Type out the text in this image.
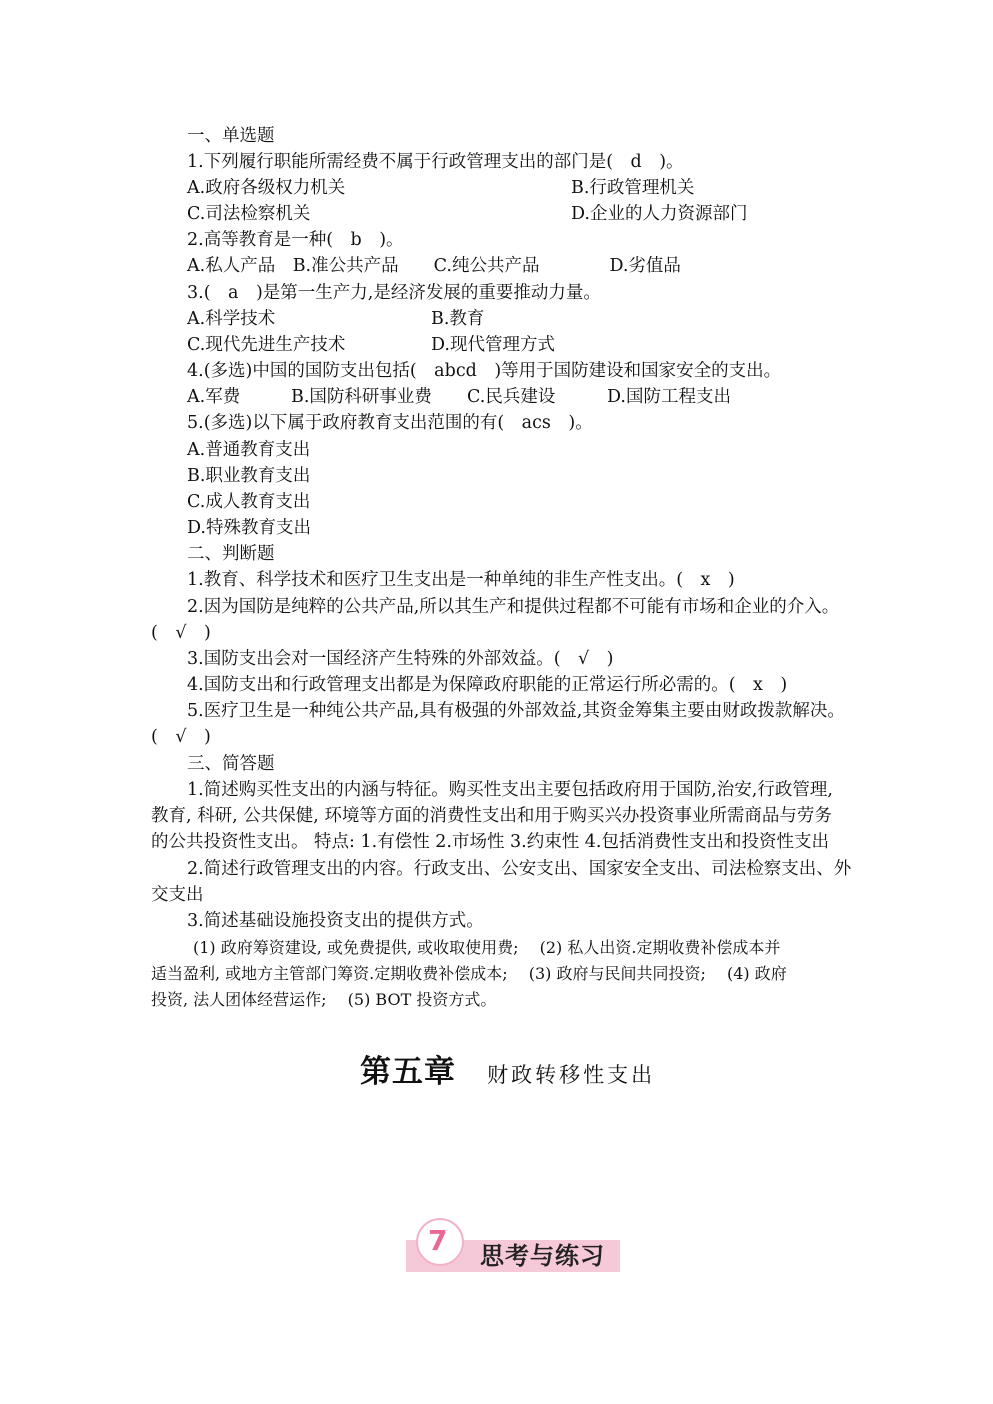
一、单选题
1.下列履行职能所需经费不属于行政管理支出的部门是(　d　)。
A.政府各级权力机关	B.行政管理机关
C.司法检察机关	D.企业的人力资源部门
2.高等教育是一种(　b　)。
A.私人产品　B.准公共产品　　C.纯公共产品　　　　D.劣值品
3.(　a　)是第一生产力,是经济发展的重要推动力量。
A.科学技术	B.教育
C.现代先进生产技术	D.现代管理方式
4.(多选)中国的国防支出包括(　abcd　)等用于国防建设和国家安全的支出。
A.军费	B.国防科研事业费 C.民兵建设	D.国防工程支出
5.(多选)以下属于政府教育支出范围的有(　acs　)。
A.普通教育支出
B.职业教育支出
C.成人教育支出
D.特殊教育支出
二、判断题
1.教育、科学技术和医疗卫生支出是一种单纯的非生产性支出。(　x　)
2.因为国防是纯粹的公共产品,所以其生产和提供过程都不可能有市场和企业的介入。
(　√　)
3.国防支出会对一国经济产生特殊的外部效益。(　√　)
4.国防支出和行政管理支出都是为保障政府职能的正常运行所必需的。(　x　)
5.医疗卫生是一种纯公共产品,具有极强的外部效益,其资金筹集主要由财政拨款解决。
(　√　)
三、简答题
1.简述购买性支出的内涵与特征。购买性支出主要包括政府用于国防,治安,行政管理,
教育, 科研, 公共保健, 环境等方面的消费性支出和用于购买兴办投资事业所需商品与劳务
的公共投资性支出。 特点: 1.有偿性 2.市场性 3.约束性 4.包括消费性支出和投资性支出
2.简述行政管理支出的内容。行政支出、公安支出、国家安全支出、司法检察支出、外
交支出
3.简述基础设施投资支出的提供方式。
(1) 政府筹资建设, 或免费提供, 或收取使用费;　 (2) 私人出资.定期收费补偿成本并
适当盈利, 或地方主管部门筹资.定期收费补偿成本;　 (3) 政府与民间共同投资;　 (4) 政府
投资, 法人团体经营运作;　 (5) BOT 投资方式。
第五章 财政转移性支出
7 思考与练习
